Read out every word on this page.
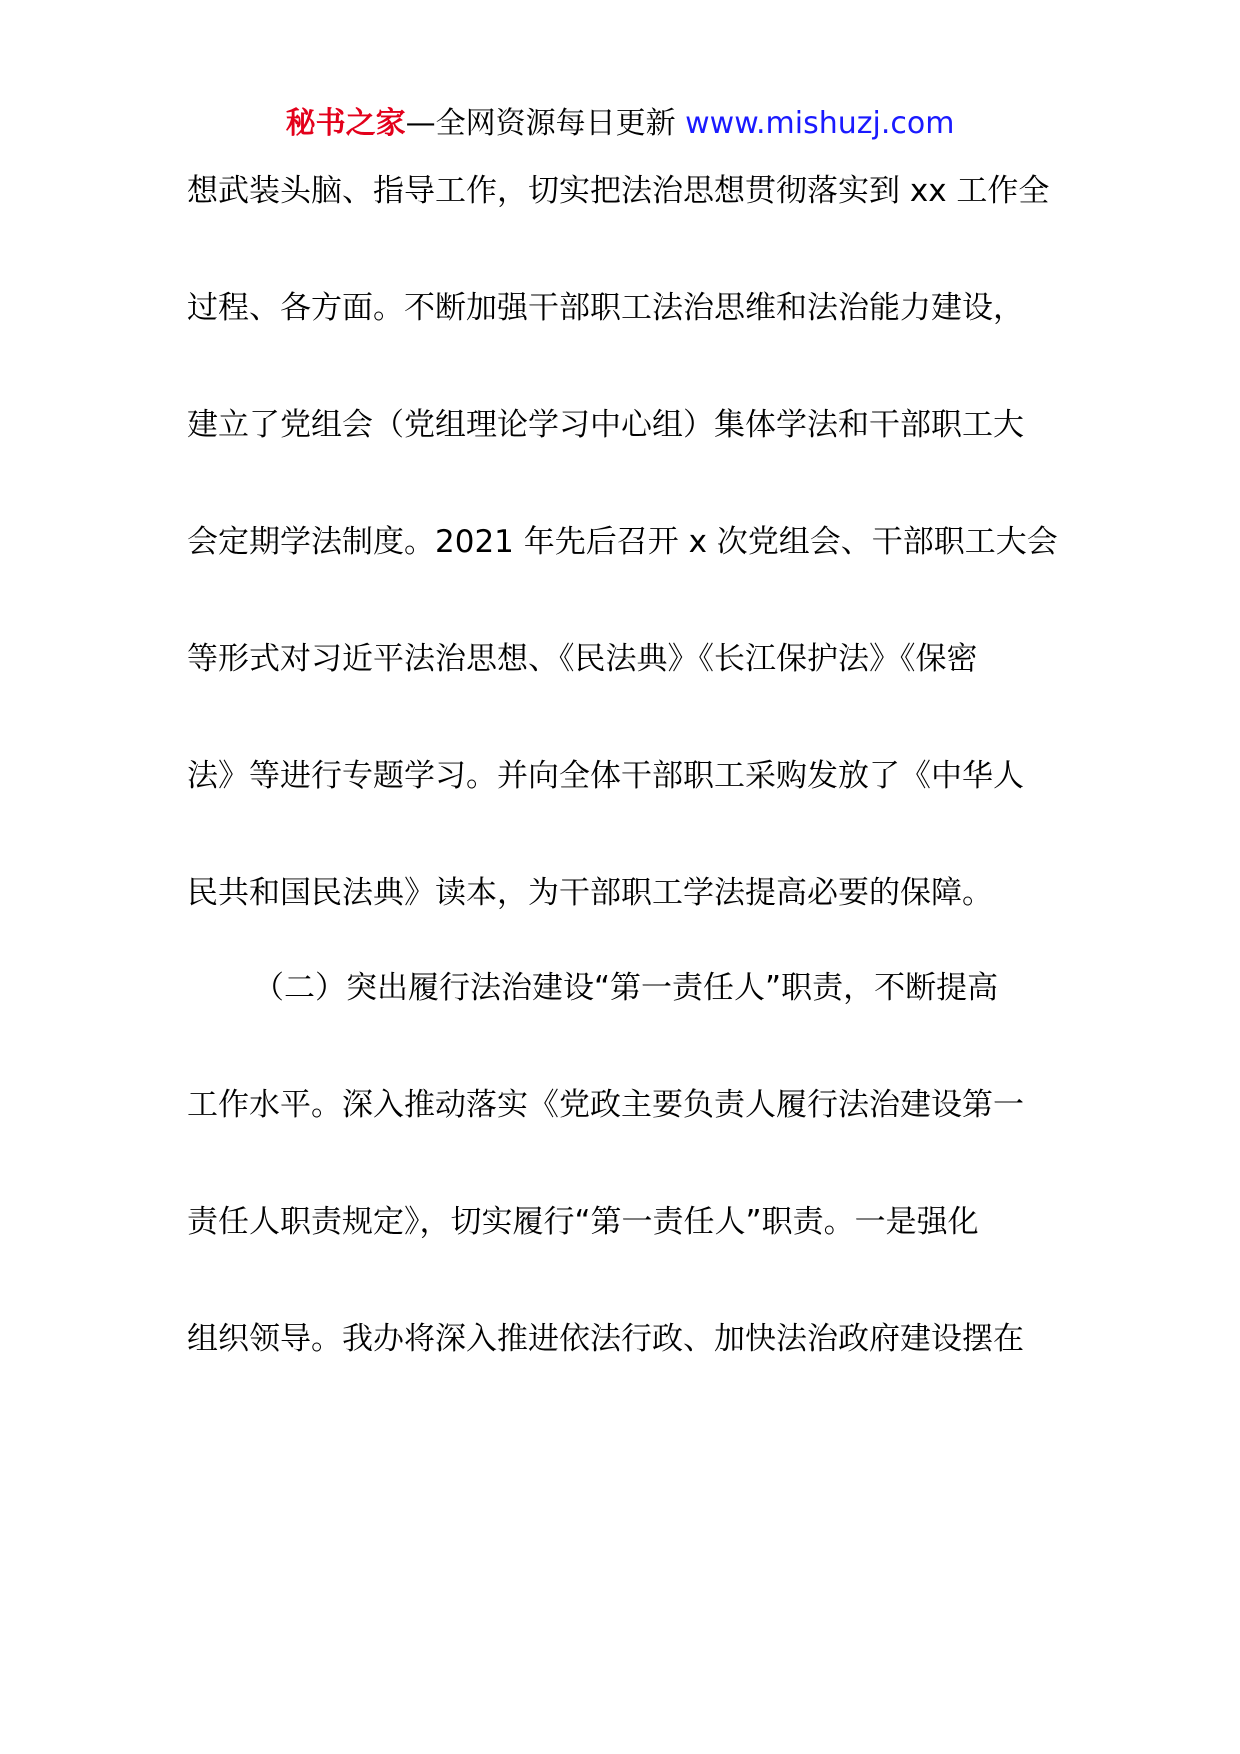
秘书之家—全网资源每日更新 www.mishuzj.com
想武装头脑、指导工作，切实把法治思想贯彻落实到 xx 工作全
过程、各方面。不断加强干部职工法治思维和法治能力建设，
建立了党组会（党组理论学习中心组）集体学法和干部职工大
会定期学法制度。2021 年先后召开 x 次党组会、干部职工大会
等形式对习近平法治思想、《民法典》《长江保护法》《保密
法》等进行专题学习。并向全体干部职工采购发放了《中华人
民共和国民法典》读本，为干部职工学法提高必要的保障。
（二）突出履行法治建设“第一责任人”职责，不断提高
工作水平。深入推动落实《党政主要负责人履行法治建设第一
责任人职责规定》，切实履行“第一责任人”职责。一是强化
组织领导。我办将深入推进依法行政、加快法治政府建设摆在
